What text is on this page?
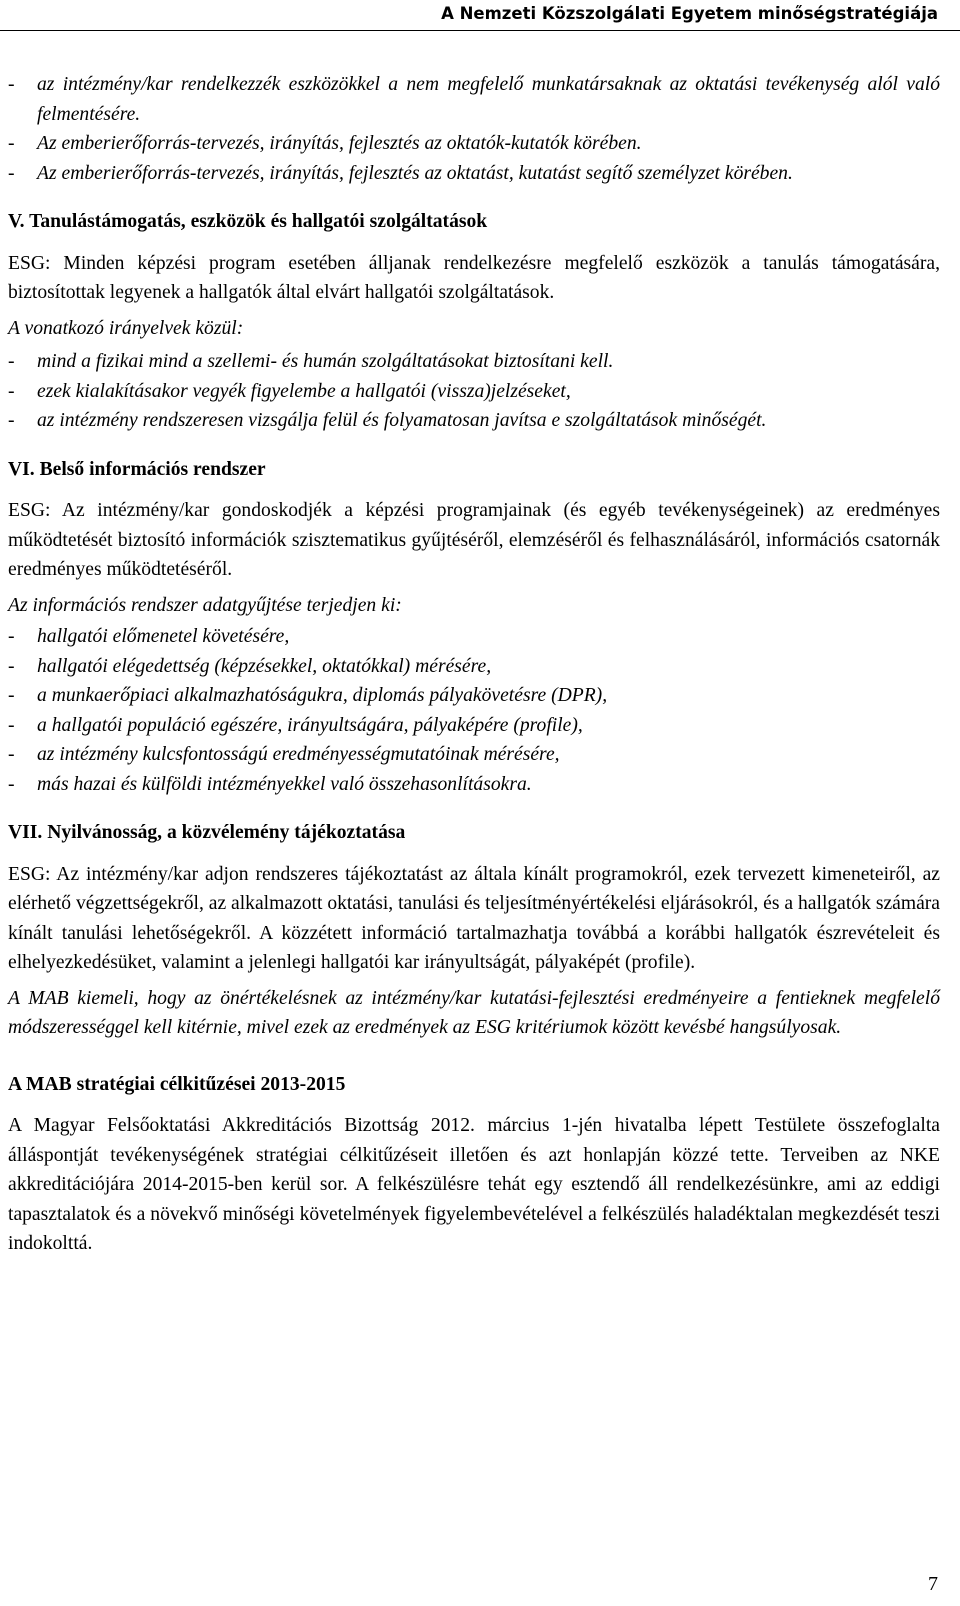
A Nemzeti Közszolgálati Egyetem minőségstratégiája
- az intézmény/kar rendelkezzék eszközökkel a nem megfelelő munkatársaknak az oktatási tevékenység alól való felmentésére.
- Az emberierőforrás-tervezés, irányítás, fejlesztés az oktatók-kutatók körében.
- Az emberierőforrás-tervezés, irányítás, fejlesztés az oktatást, kutatást segítő személyzet körében.

V. Tanulástámogatás, eszközök és hallgatói szolgáltatások

ESG: Minden képzési program esetében álljanak rendelkezésre megfelelő eszközök a tanulás támogatására, biztosítottak legyenek a hallgatók által elvárt hallgatói szolgáltatások.

A vonatkozó irányelvek közül:

- mind a fizikai mind a szellemi- és humán szolgáltatásokat biztosítani kell.
- ezek kialakításakor vegyék figyelembe a hallgatói (vissza)jelzéseket,
- az intézmény rendszeresen vizsgálja felül és folyamatosan javítsa e szolgáltatások minőségét.

VI. Belső információs rendszer

ESG: Az intézmény/kar gondoskodjék a képzési programjainak (és egyéb tevékenységeinek) az eredményes működtetését biztosító információk szisztematikus gyűjtéséről, elemzéséről és felhasználásáról, információs csatornák eredményes működtetéséről.

Az információs rendszer adatgyűjtése terjedjen ki:

- hallgatói előmenetel követésére,
- hallgatói elégedettség (képzésekkel, oktatókkal) mérésére,
- a munkaerőpiaci alkalmazhatóságukra, diplomás pályakövetésre (DPR),
- a hallgatói populáció egészére, irányultságára, pályaképére (profile),
- az intézmény kulcsfontosságú eredményességmutatóinak mérésére,
- más hazai és külföldi intézményekkel való összehasonlításokra.

VII. Nyilvánosság, a közvélemény tájékoztatása

ESG: Az intézmény/kar adjon rendszeres tájékoztatást az általa kínált programokról, ezek tervezett kimeneteiről, az elérhető végzettségekről, az alkalmazott oktatási, tanulási és teljesítményértékelési eljárásokról, és a hallgatók számára kínált tanulási lehetőségekről. A közzétett információ tartalmazhatja továbbá a korábbi hallgatók észrevételeit és elhelyezkedésüket, valamint a jelenlegi hallgatói kar irányultságát, pályaképét (profile).

A MAB kiemeli, hogy az önértékelésnek az intézmény/kar kutatási-fejlesztési eredményeire a fentieknek megfelelő módszerességgel kell kitérnie, mivel ezek az eredmények az ESG kritériumok között kevésbé hangsúlyosak.

A MAB stratégiai célkitűzései 2013-2015

A Magyar Felsőoktatási Akkreditációs Bizottság 2012. március 1-jén hivatalba lépett Testülete összefoglalta álláspontját tevékenységének stratégiai célkitűzéseit illetően és azt honlapján közzé tette. Terveiben az NKE akkreditációjára 2014-2015-ben kerül sor. A felkészülésre tehát egy esztendő áll rendelkezésünkre, ami az eddigi tapasztalatok és a növekvő minőségi követelmények figyelembevételével a felkészülés haladéktalan megkezdését teszi indokolttá.

7
